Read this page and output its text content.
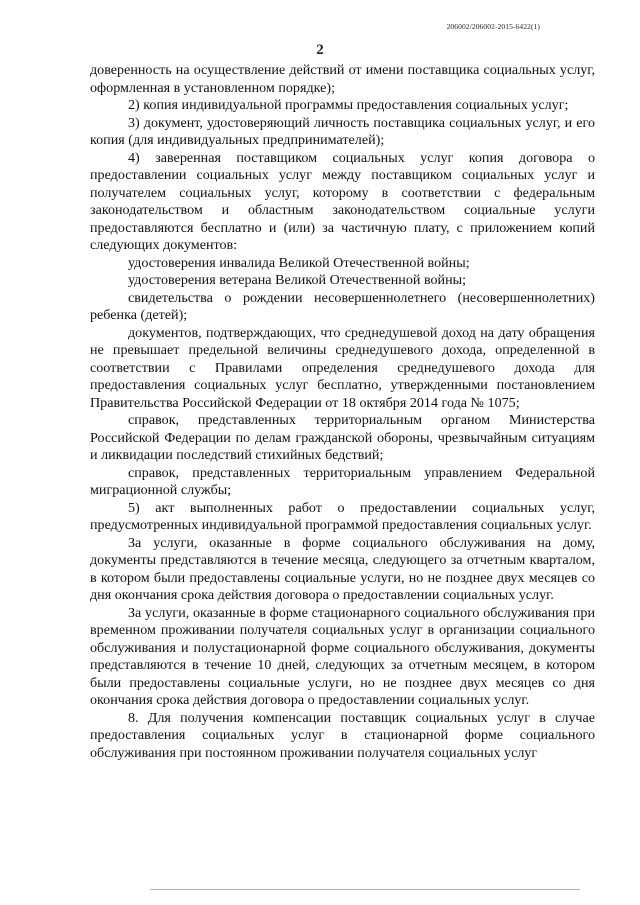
206002/206002-2015-6422(1)
2

доверенность на осуществление действий от имени поставщика социальных услуг, оформленная в установленном порядке);

2) копия индивидуальной программы предоставления социальных услуг;

3) документ, удостоверяющий личность поставщика социальных услуг, и его копия (для индивидуальных предпринимателей);

4) заверенная поставщиком социальных услуг копия договора о предоставлении социальных услуг между поставщиком социальных услуг и получателем социальных услуг, которому в соответствии с федеральным законодательством и областным законодательством социальные услуги предоставляются бесплатно и (или) за частичную плату, с приложением копий следующих документов:

удостоверения инвалида Великой Отечественной войны;

удостоверения ветерана Великой Отечественной войны;

свидетельства о рождении несовершеннолетнего (несовершеннолетних) ребенка (детей);

документов, подтверждающих, что среднедушевой доход на дату обращения не превышает предельной величины среднедушевого дохода, определенной в соответствии с Правилами определения среднедушевого дохода для предоставления социальных услуг бесплатно, утвержденными постановлением Правительства Российской Федерации от 18 октября 2014 года № 1075;

справок, представленных территориальным органом Министерства Российской Федерации по делам гражданской обороны, чрезвычайным ситуациям и ликвидации последствий стихийных бедствий;

справок, представленных территориальным управлением Федеральной миграционной службы;

5) акт выполненных работ о предоставлении социальных услуг, предусмотренных индивидуальной программой предоставления социальных услуг.

За услуги, оказанные в форме социального обслуживания на дому, документы представляются в течение месяца, следующего за отчетным кварталом, в котором были предоставлены социальные услуги, но не позднее двух месяцев со дня окончания срока действия договора о предоставлении социальных услуг.

За услуги, оказанные в форме стационарного социального обслуживания при временном проживании получателя социальных услуг в организации социального обслуживания и полустационарной форме социального обслуживания, документы представляются в течение 10 дней, следующих за отчетным месяцем, в котором были предоставлены социальные услуги, но не позднее двух месяцев со дня окончания срока действия договора о предоставлении социальных услуг.

8. Для получения компенсации поставщик социальных услуг в случае предоставления социальных услуг в стационарной форме социального обслуживания при постоянном проживании получателя социальных услуг
